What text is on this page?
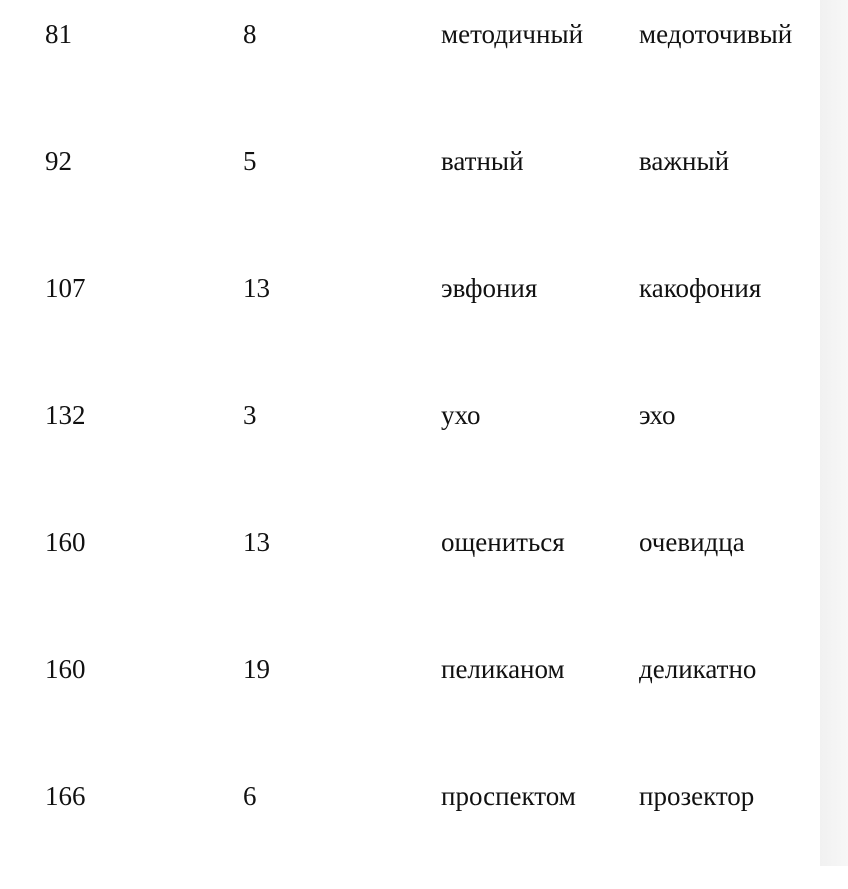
81	8	методичный	медоточивый

92	5	ватный	важный

107	13	эвфония	какофония

132	3	ухо	эхо

160	13	ощениться	очевидца

160	19	пеликаном	деликатно

166	6	проспектом	прозектор
